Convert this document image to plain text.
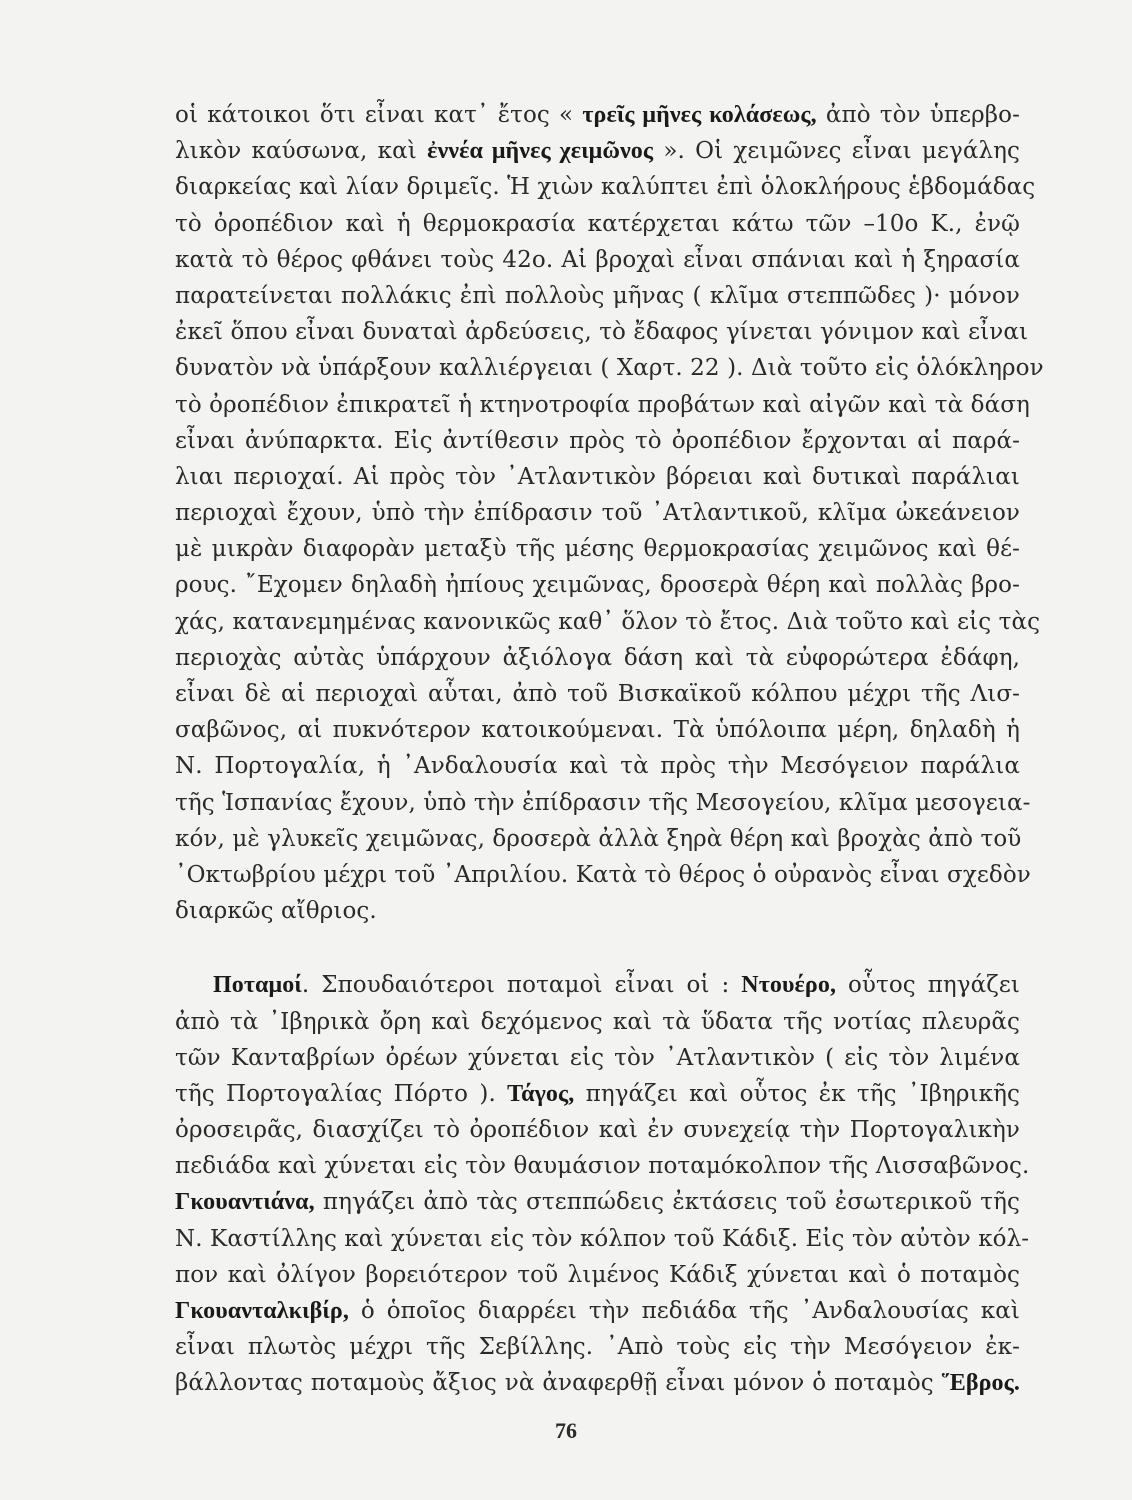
οἱ κάτοικοι ὅτι εἶναι κατ᾽ ἔτος « τρεῖς μῆνες κολάσεως, ἀπὸ τὸν ὑπερβο-
λικὸν καύσωνα, καὶ ἐννέα μῆνες χειμῶνος ». Οἱ χειμῶνες εἶναι μεγάλης
διαρκείας καὶ λίαν δριμεῖς. Ἡ χιὼν καλύπτει ἐπὶ ὁλοκλήρους ἑβδομάδας
τὸ ὀροπέδιον καὶ ἡ θερμοκρασία κατέρχεται κάτω τῶν –10ο Κ., ἐνῷ
κατὰ τὸ θέρος φθάνει τοὺς 42ο. Αἱ βροχαὶ εἶναι σπάνιαι καὶ ἡ ξηρασία
παρατείνεται πολλάκις ἐπὶ πολλοὺς μῆνας ( κλῖμα στεππῶδες )· μόνον
ἐκεῖ ὅπου εἶναι δυναταὶ ἀρδεύσεις, τὸ ἔδαφος γίνεται γόνιμον καὶ εἶναι
δυνατὸν νὰ ὑπάρξουν καλλιέργειαι ( Χαρτ. 22 ). Διὰ τοῦτο εἰς ὁλόκληρον
τὸ ὀροπέδιον ἐπικρατεῖ ἡ κτηνοτροφία προβάτων καὶ αἰγῶν καὶ τὰ δάση
εἶναι ἀνύπαρκτα. Εἰς ἀντίθεσιν πρὸς τὸ ὀροπέδιον ἔρχονται αἱ παρά-
λιαι περιοχαί. Αἱ πρὸς τὸν ᾽Ατλαντικὸν βόρειαι καὶ δυτικαὶ παράλιαι
περιοχαὶ ἔχουν, ὑπὸ τὴν ἐπίδρασιν τοῦ ᾽Ατλαντικοῦ, κλῖμα ὠκεάνειον
μὲ μικρὰν διαφορὰν μεταξὺ τῆς μέσης θερμοκρασίας χειμῶνος καὶ θέ-
ρους. ῎Εχομεν δηλαδὴ ἠπίους χειμῶνας, δροσερὰ θέρη καὶ πολλὰς βρο-
χάς, κατανεμημένας κανονικῶς καθ᾽ ὅλον τὸ ἔτος. Διὰ τοῦτο καὶ εἰς τὰς
περιοχὰς αὐτὰς ὑπάρχουν ἀξιόλογα δάση καὶ τὰ εὐφορώτερα ἐδάφη,
εἶναι δὲ αἱ περιοχαὶ αὗται, ἀπὸ τοῦ Βισκαϊκοῦ κόλπου μέχρι τῆς Λισ-
σαβῶνος, αἱ πυκνότερον κατοικούμεναι. Τὰ ὑπόλοιπα μέρη, δηλαδὴ ἡ
Ν. Πορτογαλία, ἡ ᾽Ανδαλουσία καὶ τὰ πρὸς τὴν Μεσόγειον παράλια
τῆς Ἱσπανίας ἔχουν, ὑπὸ τὴν ἐπίδρασιν τῆς Μεσογείου, κλῖμα μεσογεια-
κόν, μὲ γλυκεῖς χειμῶνας, δροσερὰ ἀλλὰ ξηρὰ θέρη καὶ βροχὰς ἀπὸ τοῦ
᾽Οκτωβρίου μέχρι τοῦ ᾽Απριλίου. Κατὰ τὸ θέρος ὁ οὐρανὸς εἶναι σχεδὸν
διαρκῶς αἴθριος.
Ποταμοί. Σπουδαιότεροι ποταμοὶ εἶναι οἱ : Ντουέρο, οὗτος πηγάζει
ἀπὸ τὰ ᾽Ιβηρικὰ ὄρη καὶ δεχόμενος καὶ τὰ ὕδατα τῆς νοτίας πλευρᾶς
τῶν Κανταβρίων ὀρέων χύνεται εἰς τὸν ᾽Ατλαντικὸν ( εἰς τὸν λιμένα
τῆς Πορτογαλίας Πόρτο ). Τάγος, πηγάζει καὶ οὗτος ἐκ τῆς ᾽Ιβηρικῆς
ὀροσειρᾶς, διασχίζει τὸ ὀροπέδιον καὶ ἐν συνεχείᾳ τὴν Πορτογαλικὴν
πεδιάδα καὶ χύνεται εἰς τὸν θαυμάσιον ποταμόκολπον τῆς Λισσαβῶνος.
Γκουαντιάνα, πηγάζει ἀπὸ τὰς στεππώδεις ἐκτάσεις τοῦ ἐσωτερικοῦ τῆς
Ν. Καστίλλης καὶ χύνεται εἰς τὸν κόλπον τοῦ Κάδιξ. Εἰς τὸν αὐτὸν κόλ-
πον καὶ ὀλίγον βορειότερον τοῦ λιμένος Κάδιξ χύνεται καὶ ὁ ποταμὸς
Γκουανταλκιβίρ, ὁ ὁποῖος διαρρέει τὴν πεδιάδα τῆς ᾽Ανδαλουσίας καὶ
εἶναι πλωτὸς μέχρι τῆς Σεβίλλης. ᾽Απὸ τοὺς εἰς τὴν Μεσόγειον ἐκ-
βάλλοντας ποταμοὺς ἄξιος νὰ ἀναφερθῇ εἶναι μόνον ὁ ποταμὸς ῞Εβρος.
76
